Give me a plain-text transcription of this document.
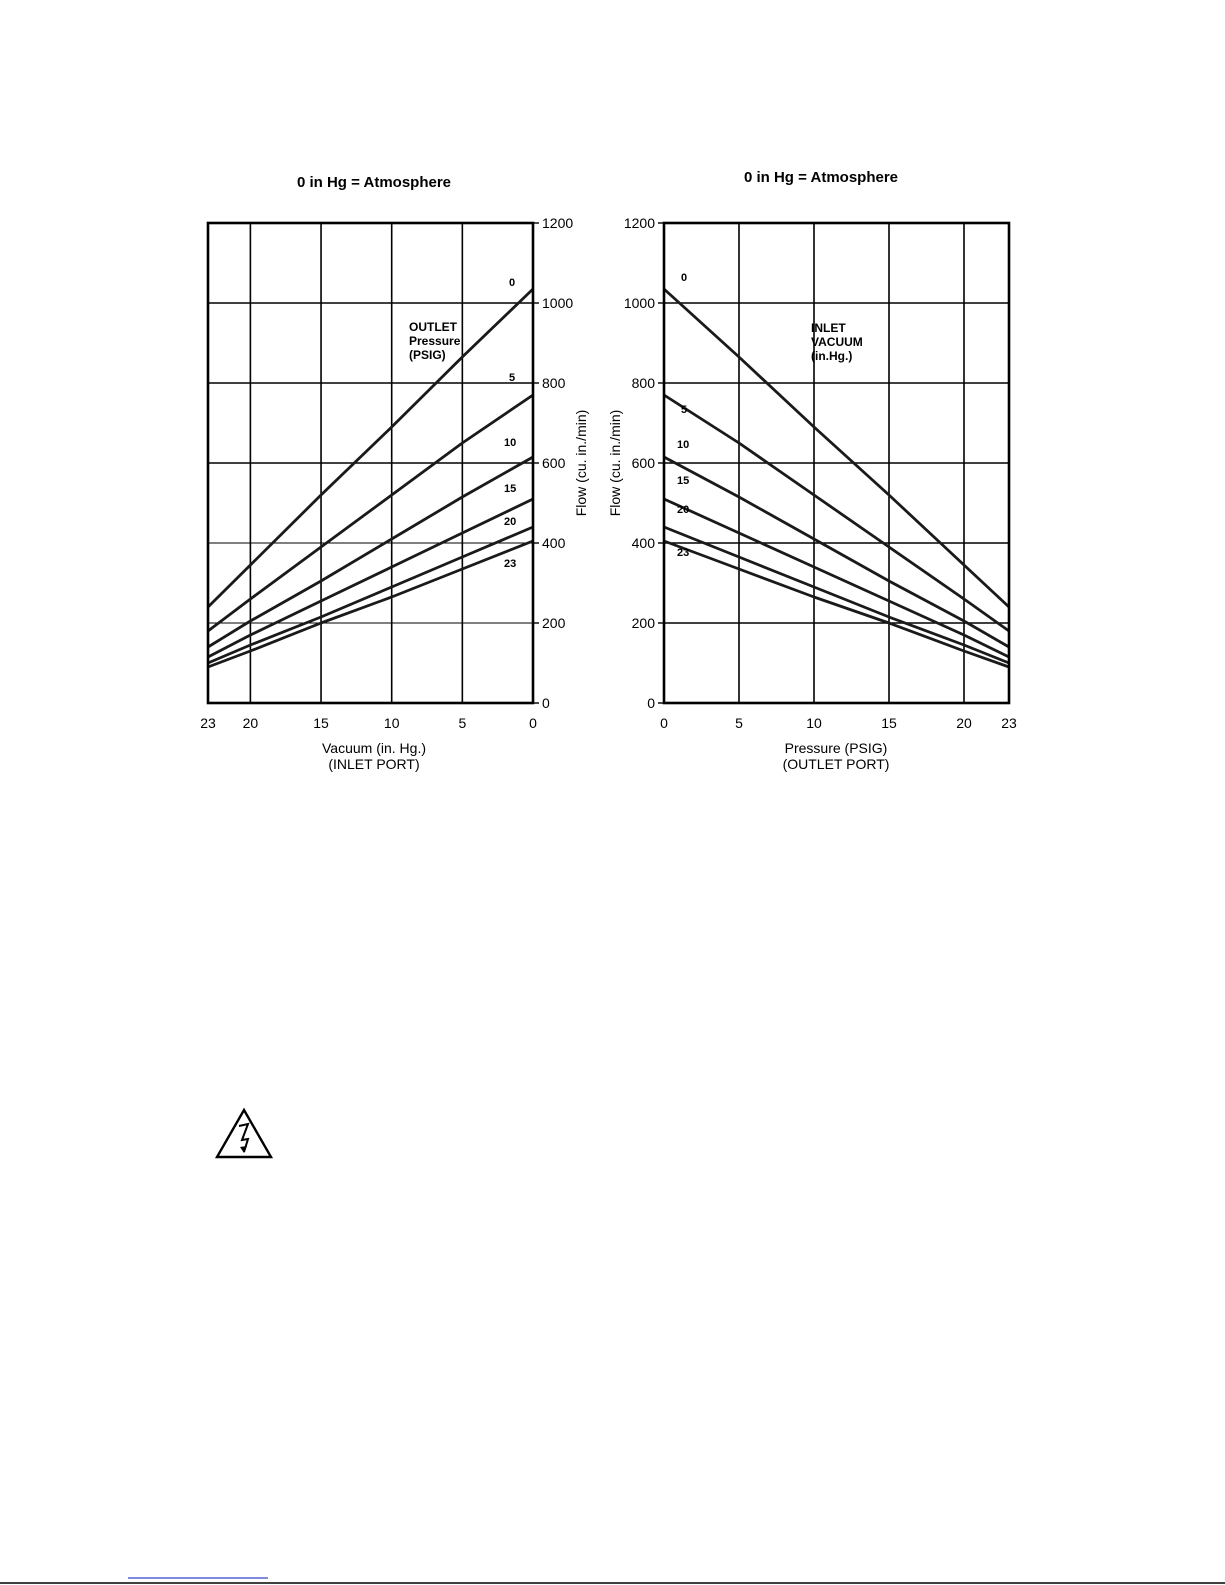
0 in Hg = Atmosphere
23 20	15	10	5	0
0
200
400
600
800
1000
1200
0
5
10
15
20
23
OUTLET
Pressure
(PSIG)
Vacuum (in. Hg.)
(INLET PORT)
Flow (cu. in./min)
0 in Hg = Atmosphere
0	5	10	15	20 23
0
200
400
600
800
1000
1200
0
5
10
15
20
23
INLET
VACUUM
(in.Hg.)
Pressure (PSIG)
(OUTLET PORT)
Flow (cu. in./min)
